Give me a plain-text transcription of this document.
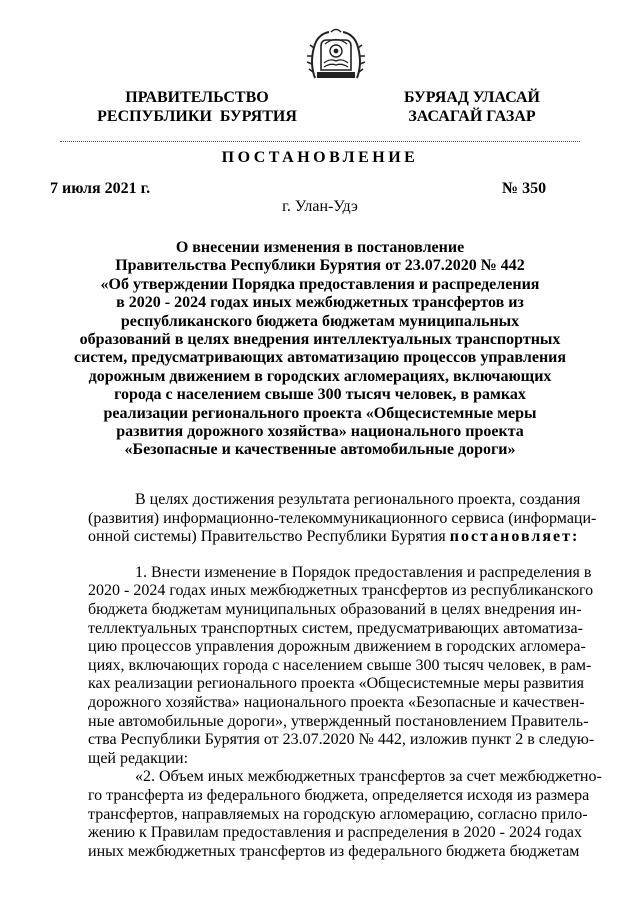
ПРАВИТЕЛЬСТВО
РЕСПУБЛИКИ  БУРЯТИЯ
БУРЯАД УЛАСАЙ
ЗАСАГАЙ ГАЗАР
ПОСТАНОВЛЕНИЕ
7 июля 2021 г.	№ 350
г. Улан-Удэ
О внесении изменения в постановление
Правительства Республики Бурятия от 23.07.2020 № 442
«Об утверждении Порядка предоставления и распределения
в 2020 - 2024 годах иных межбюджетных трансфертов из
республиканского бюджета бюджетам муниципальных
образований в целях внедрения интеллектуальных транспортных
систем, предусматривающих автоматизацию процессов управления
дорожным движением в городских агломерациях, включающих
города с населением свыше 300 тысяч человек, в рамках
реализации регионального проекта «Общесистемные меры
развития дорожного хозяйства» национального проекта
«Безопасные и качественные автомобильные дороги»
В целях достижения результата регионального проекта, создания
(развития) информационно-телекоммуникационного сервиса (информаци-
онной системы) Правительство Республики Бурятия постановляет:
1. Внести изменение в Порядок предоставления и распределения в
2020 - 2024 годах иных межбюджетных трансфертов из республиканского
бюджета бюджетам муниципальных образований в целях внедрения ин-
теллектуальных транспортных систем, предусматривающих автоматиза-
цию процессов управления дорожным движением в городских агломера-
циях, включающих города с населением свыше 300 тысяч человек, в рам-
ках реализации регионального проекта «Общесистемные меры развития
дорожного хозяйства» национального проекта «Безопасные и качествен-
ные автомобильные дороги», утвержденный постановлением Правитель-
ства Республики Бурятия от 23.07.2020 № 442, изложив пункт 2 в следую-
щей редакции:
«2. Объем иных межбюджетных трансфертов за счет межбюджетно-
го трансферта из федерального бюджета, определяется исходя из размера
трансфертов, направляемых на городскую агломерацию, согласно прило-
жению к Правилам предоставления и распределения в 2020 - 2024 годах
иных межбюджетных трансфертов из федерального бюджета бюджетам
